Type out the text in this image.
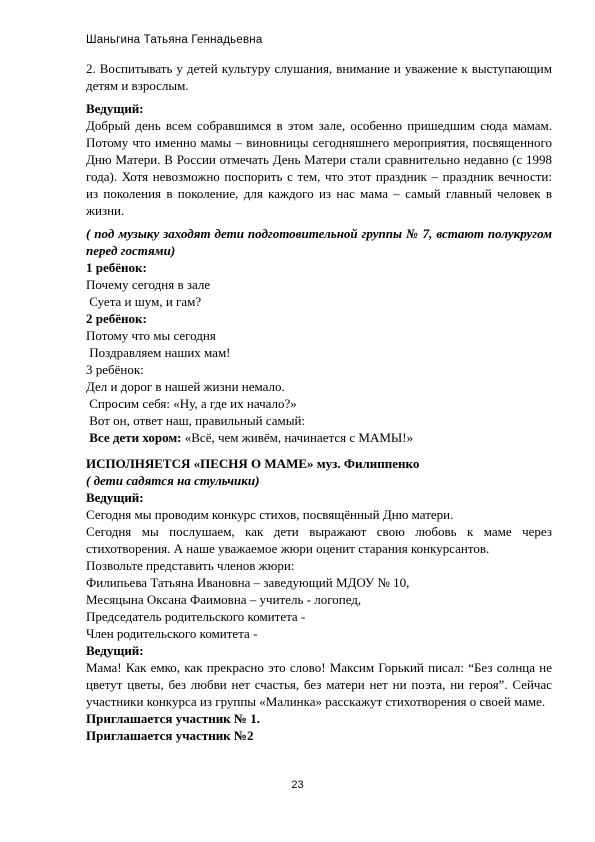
Шаньгина Татьяна Геннадьевна

2. Воспитывать у детей культуру слушания, внимание и уважение к выступающим детям и взрослым.

Ведущий:

Добрый день всем собравшимся в этом зале, особенно пришедшим сюда мамам. Потому что именно мамы – виновницы сегодняшнего мероприятия, посвященного Дню Матери. В России отмечать День Матери стали сравнительно недавно (с 1998 года). Хотя невозможно поспорить с тем, что этот праздник – праздник вечности: из поколения в поколение, для каждого из нас мама – самый главный человек в жизни.

( под музыку заходят дети подготовительной группы № 7, встают полукругом перед гостями)

1 ребёнок:

Почему сегодня в зале

Суета и шум, и гам?

2 ребёнок:

Потому что мы сегодня

Поздравляем наших мам!

3 ребёнок:

Дел и дорог в нашей жизни немало.

Спросим себя: «Ну, а где их начало?»

Вот он, ответ наш, правильный самый:

Все дети хором: «Всё, чем живём, начинается с МАМЫ!»

ИСПОЛНЯЕТСЯ «ПЕСНЯ О МАМЕ» муз. Филиппенко

( дети садятся на стульчики)

Ведущий:

Сегодня мы проводим конкурс стихов, посвящённый Дню матери.

Сегодня мы послушаем, как дети выражают свою любовь к маме через стихотворения. А наше уважаемое жюри оценит старания конкурсантов.

Позвольте представить членов жюри:

Филипьева Татьяна Ивановна – заведующий МДОУ № 10,

Месяцына Оксана Фаимовна – учитель - логопед,

Председатель родительского комитета -

Член родительского комитета -

Ведущий:

Мама! Как емко, как прекрасно это слово! Максим Горький писал: “Без солнца не цветут цветы, без любви нет счастья, без матери нет ни поэта, ни героя”. Сейчас участники конкурса из группы «Малинка» расскажут стихотворения о своей маме.

Приглашается участник № 1.

Приглашается участник №2

23
